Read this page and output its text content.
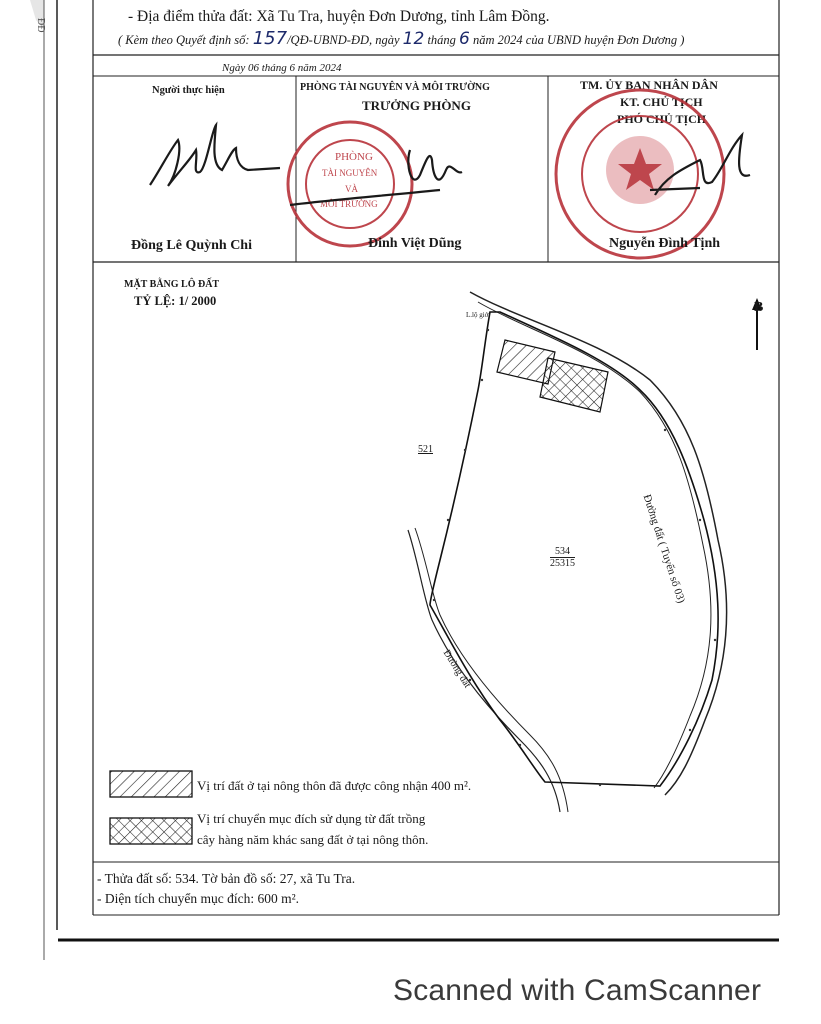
ĐĐ
- Địa điểm thửa đất: Xã Tu Tra, huyện Đơn Dương, tỉnh Lâm Đồng.
( Kèm theo Quyết định số: 157/QĐ-UBND-ĐD, ngày 12 tháng 6 năm 2024 của UBND huyện Đơn Dương )
Ngày 06 tháng 6 năm 2024
Người thực hiện	PHÒNG TÀI NGUYÊN VÀ MÔI TRƯỜNG
TRƯỞNG PHÒNG
TM. ỦY BAN NHÂN DÂN
KT. CHỦ TỊCH
PHÓ CHỦ TỊCH
PHÒNG
TÀI NGUYÊN
VÀ
MÔI TRƯỜNG
Đồng Lê Quỳnh Chi	Đinh Việt Dũng	Nguyễn Đình Tịnh
MẶT BẰNG LÔ ĐẤT
TỶ LỆ: 1/ 2000	B
L.lộ giới
521
534
25315	Đường đất ( Tuyến số 03)
Đường đất
Vị trí đất ở tại nông thôn đã được công nhận 400 m².
Vị trí chuyển mục đích sử dụng từ đất trồng
cây hàng năm khác sang đất ở tại nông thôn.
- Thửa đất số: 534. Tờ bản đồ số: 27, xã Tu Tra.
- Diện tích chuyển mục đích: 600 m².
Scanned with CamScanner
